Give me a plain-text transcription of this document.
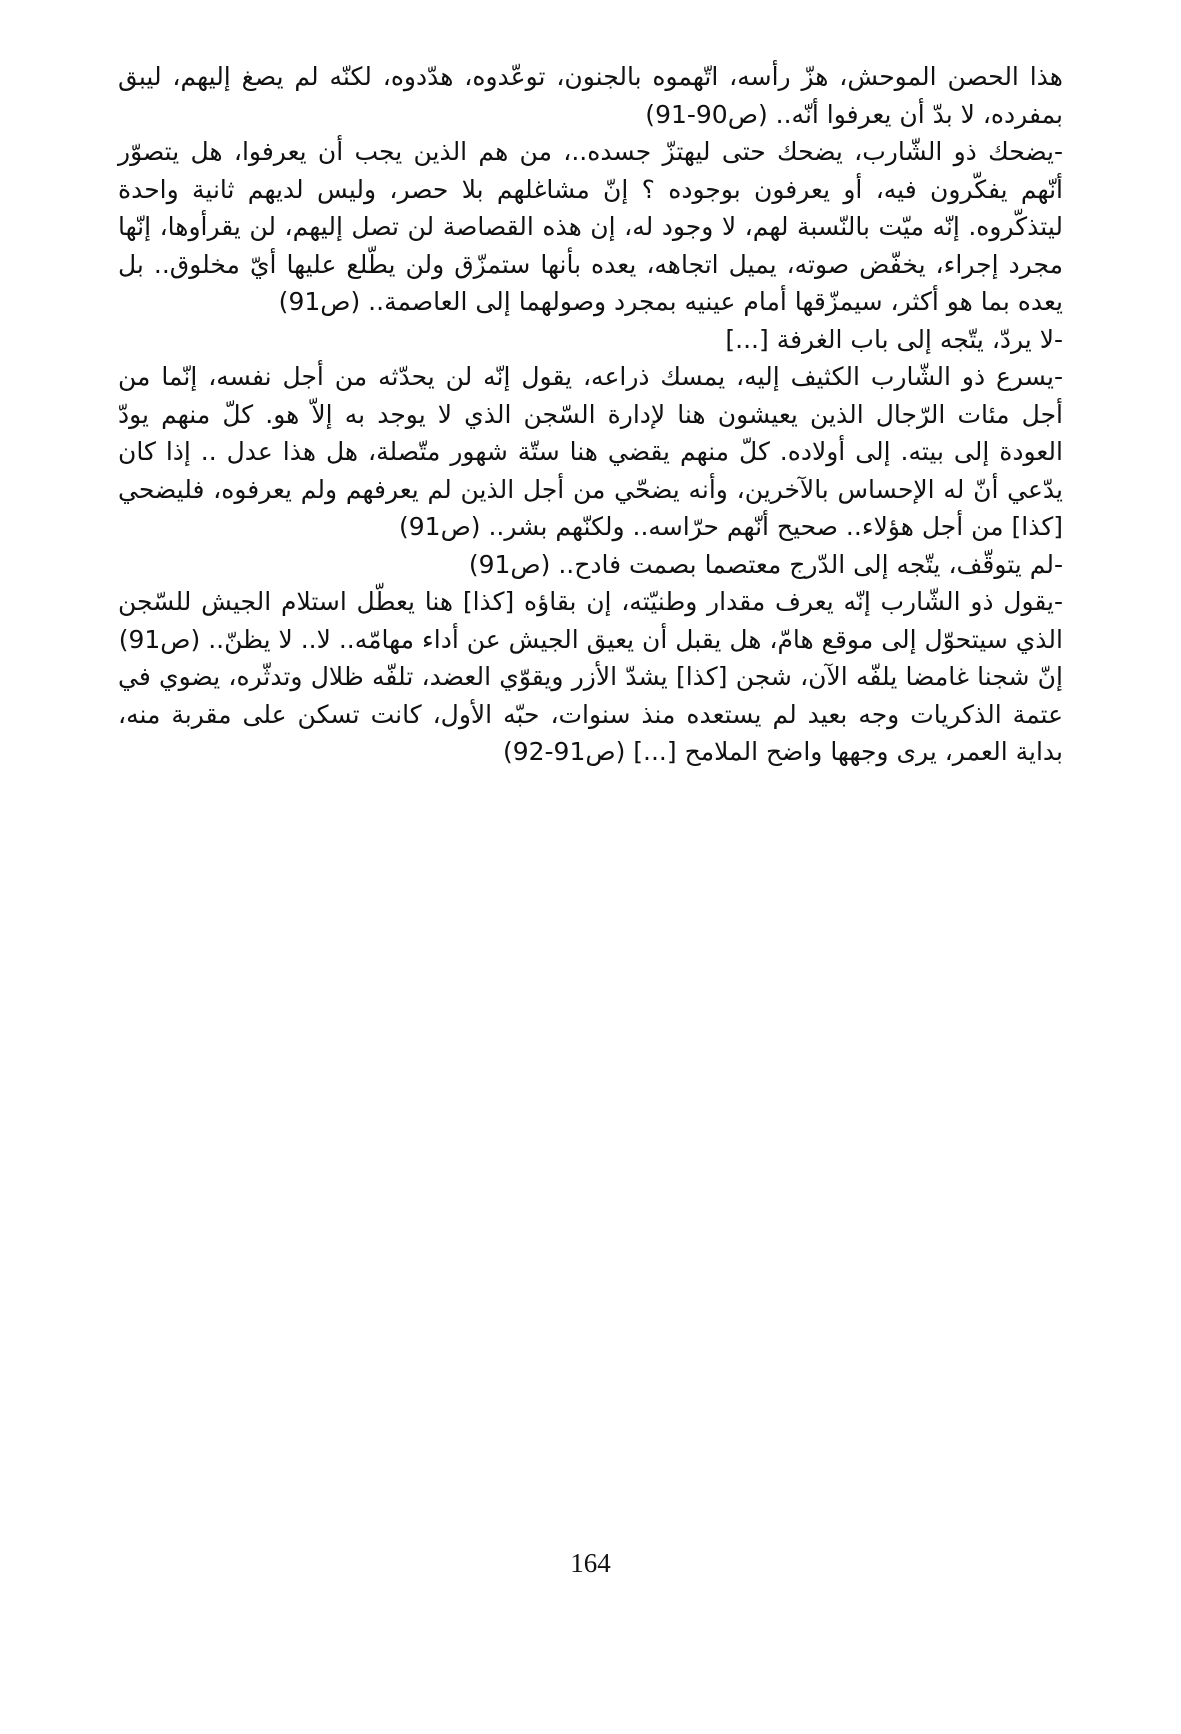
هذا الحصن الموحش، هزّ رأسه، اتّهموه بالجنون، توعّدوه، هدّدوه، لكنّه لم يصغ إليهم، ليبق بمفرده، لا بدّ أن يعرفوا أنّه.. (ص90-91)

-يضحك ذو الشّارب، يضحك حتى ليهتزّ جسده..، من هم الذين يجب أن يعرفوا، هل يتصوّر أنّهم يفكّرون فيه، أو يعرفون بوجوده ؟ إنّ مشاغلهم بلا حصر، وليس لديهم ثانية واحدة ليتذكّروه. إنّه ميّت بالنّسبة لهم، لا وجود له، إن هذه القصاصة لن تصل إليهم، لن يقرأوها، إنّها مجرد إجراء، يخفّض صوته، يميل اتجاهه، يعده بأنها ستمزّق ولن يطّلع عليها أيّ مخلوق.. بل يعده بما هو أكثر، سيمزّقها أمام عينيه بمجرد وصولهما إلى العاصمة.. (ص91)

-لا يردّ، يتّجه إلى باب الغرفة [...]

-يسرع ذو الشّارب الكثيف إليه، يمسك ذراعه، يقول إنّه لن يحدّثه من أجل نفسه، إنّما من أجل مئات الرّجال الذين يعيشون هنا لإدارة السّجن الذي لا يوجد به إلاّ هو. كلّ منهم يودّ العودة إلى بيته. إلى أولاده. كلّ منهم يقضي هنا ستّة شهور متّصلة، هل هذا عدل .. إذا كان يدّعي أنّ له الإحساس بالآخرين، وأنه يضحّي من أجل الذين لم يعرفهم ولم يعرفوه، فليضحي [كذا] من أجل هؤلاء.. صحيح أنّهم حرّاسه.. ولكنّهم بشر.. (ص91)

-لم يتوقّف، يتّجه إلى الدّرج معتصما بصمت فادح.. (ص91)

-يقول ذو الشّارب إنّه يعرف مقدار وطنيّته، إن بقاؤه [كذا] هنا يعطّل استلام الجيش للسّجن الذي سيتحوّل إلى موقع هامّ، هل يقبل أن يعيق الجيش عن أداء مهامّه.. لا.. لا يظنّ.. (ص91)

إنّ شجنا غامضا يلفّه الآن، شجن [كذا] يشدّ الأزر ويقوّي العضد، تلفّه ظلال وتدثّره، يضوي في عتمة الذكريات وجه بعيد لم يستعده منذ سنوات، حبّه الأول، كانت تسكن على مقربة منه، بداية العمر، يرى وجهها واضح الملامح [...] (ص91-92)

164
